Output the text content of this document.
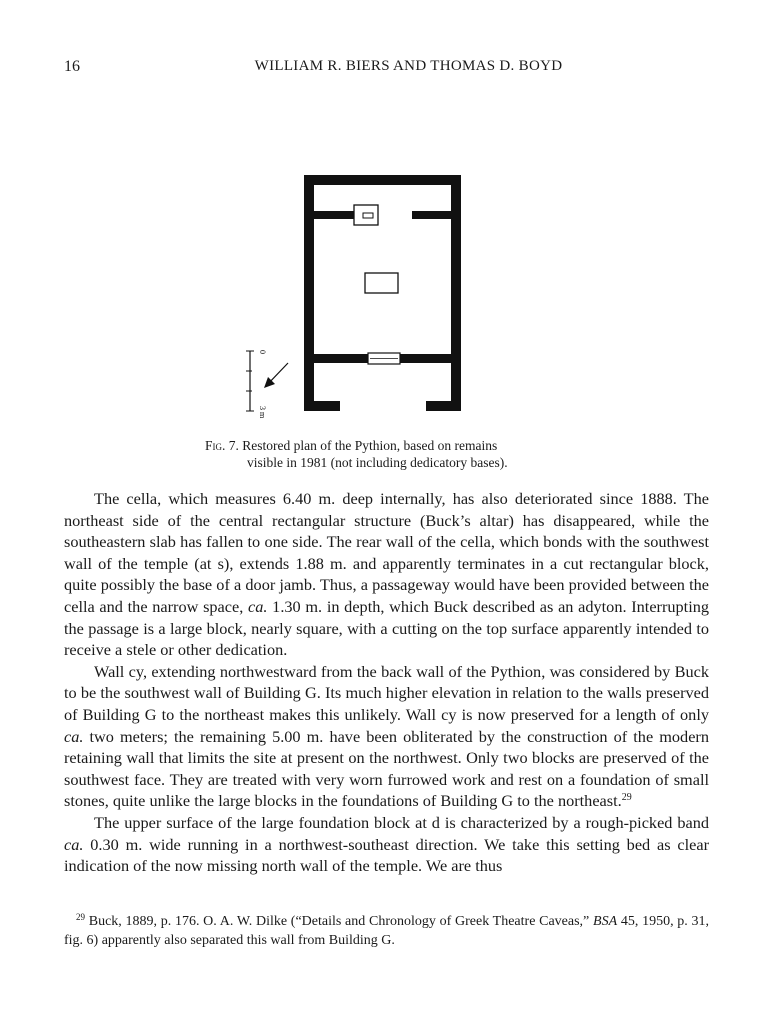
16	WILLIAM R. BIERS AND THOMAS D. BOYD
0
3 m
Fig. 7. Restored plan of the Pythion, based on remains
visible in 1981 (not including dedicatory bases).

The cella, which measures 6.40 m. deep internally, has also deteriorated since 1888. The northeast side of the central rectangular structure (Buck’s altar) has disappeared, while the southeastern slab has fallen to one side. The rear wall of the cella, which bonds with the southwest wall of the temple (at s), extends 1.88 m. and apparently terminates in a cut rectangular block, quite possibly the base of a door jamb. Thus, a passageway would have been provided between the cella and the narrow space, ca. 1.30 m. in depth, which Buck described as an adyton. Interrupting the passage is a large block, nearly square, with a cutting on the top surface apparently intended to receive a stele or other dedication.

Wall cy, extending northwestward from the back wall of the Pythion, was considered by Buck to be the southwest wall of Building G. Its much higher elevation in relation to the walls preserved of Building G to the northeast makes this unlikely. Wall cy is now preserved for a length of only ca. two meters; the remaining 5.00 m. have been obliterated by the construction of the modern retaining wall that limits the site at present on the northwest. Only two blocks are preserved of the southwest face. They are treated with very worn furrowed work and rest on a foundation of small stones, quite unlike the large blocks in the foundations of Building G to the northeast.$^{29}$

The upper surface of the large foundation block at d is characterized by a rough-picked band ca. 0.30 m. wide running in a northwest-southeast direction. We take this setting bed as clear indication of the now missing north wall of the temple. We are thus

$^{29}$ Buck, 1889, p. 176. O. A. W. Dilke (“Details and Chronology of Greek Theatre Caveas,” BSA 45, 1950, p. 31, fig. 6) apparently also separated this wall from Building G.
